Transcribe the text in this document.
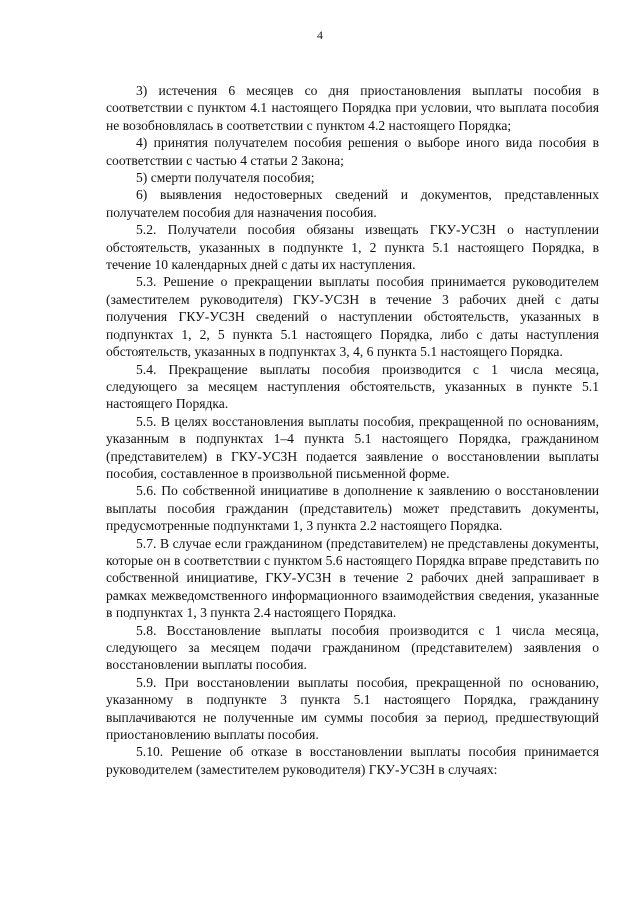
4

3) истечения 6 месяцев со дня приостановления выплаты пособия в соответствии с пунктом 4.1 настоящего Порядка при условии, что выплата пособия не возобновлялась в соответствии с пунктом 4.2 настоящего Порядка;

4) принятия получателем пособия решения о выборе иного вида пособия в соответствии с частью 4 статьи 2 Закона;

5) смерти получателя пособия;

6) выявления недостоверных сведений и документов, представленных получателем пособия для назначения пособия.

5.2. Получатели пособия обязаны извещать ГКУ-УСЗН о наступлении обстоятельств, указанных в подпункте 1, 2 пункта 5.1 настоящего Порядка, в течение 10 календарных дней с даты их наступления.

5.3. Решение о прекращении выплаты пособия принимается руководителем (заместителем руководителя) ГКУ-УСЗН в течение 3 рабочих дней с даты получения ГКУ-УСЗН сведений о наступлении обстоятельств, указанных в подпунктах 1, 2, 5 пункта 5.1 настоящего Порядка, либо с даты наступления обстоятельств, указанных в подпунктах 3, 4, 6 пункта 5.1 настоящего Порядка.

5.4. Прекращение выплаты пособия производится с 1 числа месяца, следующего за месяцем наступления обстоятельств, указанных в пункте 5.1 настоящего Порядка.

5.5. В целях восстановления выплаты пособия, прекращенной по основаниям, указанным в подпунктах 1–4 пункта 5.1 настоящего Порядка, гражданином (представителем) в ГКУ-УСЗН подается заявление о восстановлении выплаты пособия, составленное в произвольной письменной форме.

5.6. По собственной инициативе в дополнение к заявлению о восстановлении выплаты пособия гражданин (представитель) может представить документы, предусмотренные подпунктами 1, 3 пункта 2.2 настоящего Порядка.

5.7. В случае если гражданином (представителем) не представлены документы, которые он в соответствии с пунктом 5.6 настоящего Порядка вправе представить по собственной инициативе, ГКУ-УСЗН в течение 2 рабочих дней запрашивает в рамках межведомственного информационного взаимодействия сведения, указанные в подпунктах 1, 3 пункта 2.4 настоящего Порядка.

5.8. Восстановление выплаты пособия производится с 1 числа месяца, следующего за месяцем подачи гражданином (представителем) заявления о восстановлении выплаты пособия.

5.9. При восстановлении выплаты пособия, прекращенной по основанию, указанному в подпункте 3 пункта 5.1 настоящего Порядка, гражданину выплачиваются не полученные им суммы пособия за период, предшествующий приостановлению выплаты пособия.

5.10. Решение об отказе в восстановлении выплаты пособия принимается руководителем (заместителем руководителя) ГКУ-УСЗН в случаях:
